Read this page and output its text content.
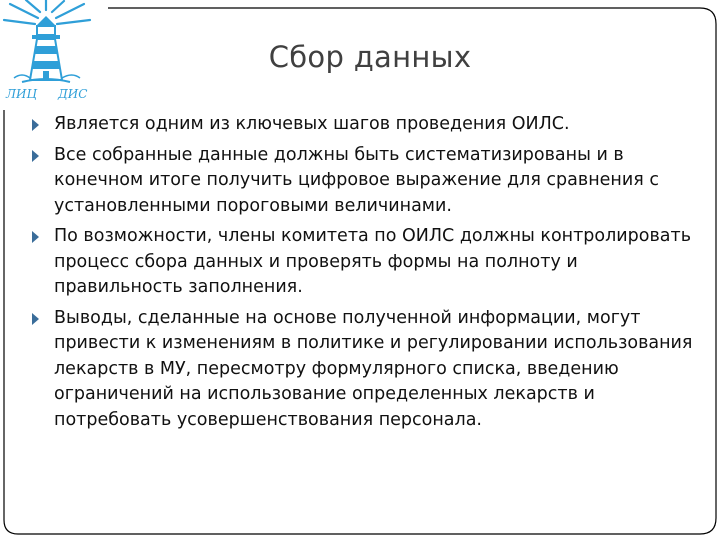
ЛИЦ ДИС
Сбор данных
Является одним из ключевых шагов проведения ОИЛС.
Все собранные данные должны быть систематизированы и в конечном итоге получить цифровое выражение для сравнения с установленными пороговыми величинами.
По возможности, члены комитета по ОИЛС должны контролировать процесс сбора данных и проверять формы на полноту и правильность заполнения.
Выводы, сделанные на основе полученной информации, могут привести к изменениям в политике и регулировании использования лекарств в МУ, пересмотру формулярного списка, введению ограничений на использование определенных лекарств и потребовать усовершенствования персонала.
